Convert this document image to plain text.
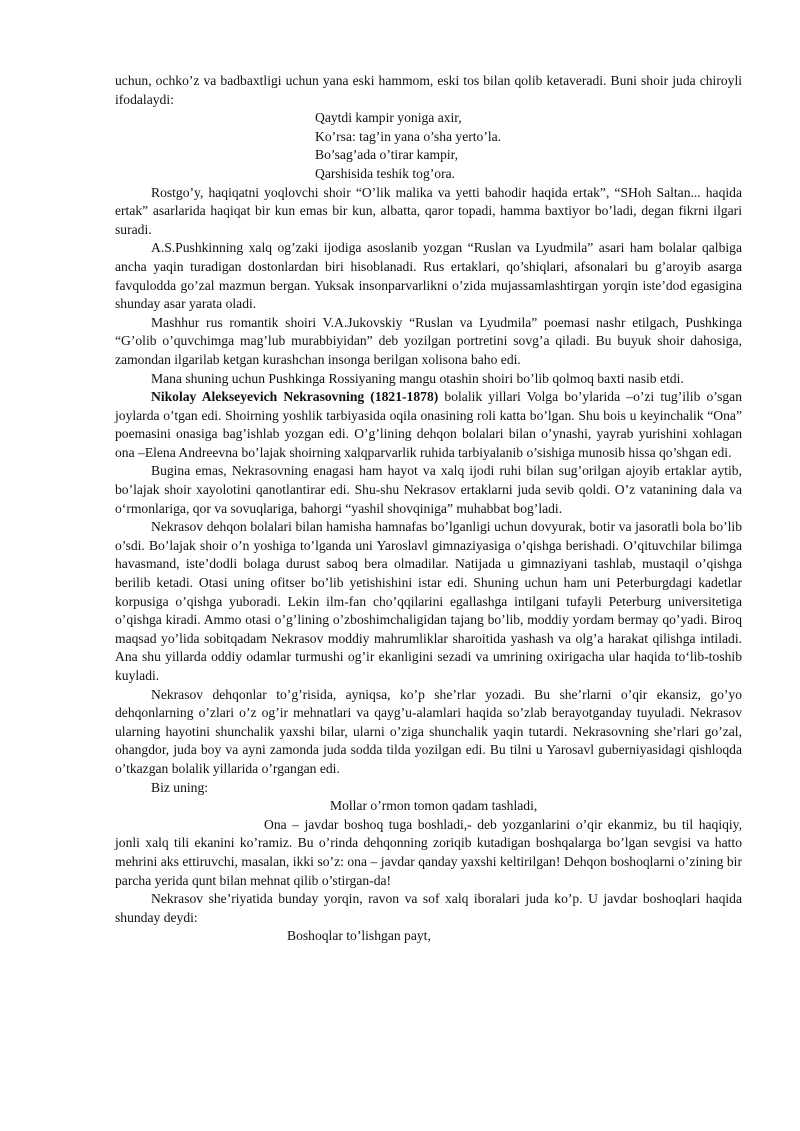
uchun, ochko’z va badbaxtligi uchun yana eski hammom, eski tos bilan qolib ketaveradi. Buni shoir juda chiroyli ifodalaydi:

Qaytdi kampir yoniga axir,
Ko’rsa: tag’in yana o’sha yerto’la.
Bo’sag’ada o’tirar kampir,
Qarshisida teshik tog’ora.

Rostgo’y, haqiqatni yoqlovchi shoir “O’lik malika va yetti bahodir haqida ertak”, “SHoh Saltan... haqida ertak” asarlarida haqiqat bir kun emas bir kun, albatta, qaror topadi, hamma baxtiyor bo’ladi, degan fikrni ilgari suradi.

A.S.Pushkinning xalq og’zaki ijodiga asoslanib yozgan “Ruslan va Lyudmila” asari ham bolalar qalbiga ancha yaqin turadigan dostonlardan biri hisoblanadi. Rus ertaklari, qo’shiqlari, afsonalari bu g’aroyib asarga favqulodda go’zal mazmun bergan. Yuksak insonparvarlikni o’zida mujassamlashtirgan yorqin iste’dod egasigina shunday asar yarata oladi.

Mashhur rus romantik shoiri V.A.Jukovskiy “Ruslan va Lyudmila” poemasi nashr etilgach, Pushkinga “G’olib o’quvchimga mag’lub murabbiyidan” deb yozilgan portretini sovg’a qiladi. Bu buyuk shoir dahosiga, zamondan ilgarilab ketgan kurashchan insonga berilgan xolisona baho edi.

Mana shuning uchun Pushkinga Rossiyaning mangu otashin shoiri bo’lib qolmoq baxti nasib etdi.

Nikolay Alekseyevich Nekrasovning (1821-1878) bolalik yillari Volga bo’ylarida –o’zi tug’ilib o’sgan joylarda o’tgan edi. Shoirning yoshlik tarbiyasida oqila onasining roli katta bo’lgan. Shu bois u keyinchalik “Ona” poemasini onasiga bag’ishlab yozgan edi. O’g’lining dehqon bolalari bilan o’ynashi, yayrab yurishini xohlagan ona –Elena Andreevna bo’lajak shoirning xalqparvarlik ruhida tarbiyalanib o’sishiga munosib hissa qo’shgan edi.

Bugina emas, Nekrasovning enagasi ham hayot va xalq ijodi ruhi bilan sug’orilgan ajoyib ertaklar aytib, bo’lajak shoir xayolotini qanotlantirar edi. Shu-shu Nekrasov ertaklarni juda sevib qoldi. O’z vatanining dala va oʻrmonlariga, qor va sovuqlariga, bahorgi “yashil shovqiniga” muhabbat bog’ladi.

Nekrasov dehqon bolalari bilan hamisha hamnafas bo’lganligi uchun dovyurak, botir va jasoratli bola bo’lib o’sdi. Bo’lajak shoir o’n yoshiga to’lganda uni Yaroslavl gimnaziyasiga o’qishga berishadi. O’qituvchilar bilimga havasmand, iste’dodli bolaga durust saboq bera olmadilar. Natijada u gimnaziyani tashlab, mustaqil o’qishga berilib ketadi. Otasi uning ofitser bo’lib yetishishini istar edi. Shuning uchun ham uni Peterburgdagi kadetlar korpusiga o’qishga yuboradi. Lekin ilm-fan cho’qqilarini egallashga intilgani tufayli Peterburg universitetiga o’qishga kiradi. Ammo otasi o’g’lining o’zboshimchaligidan tajang bo’lib, moddiy yordam bermay qo’yadi. Biroq maqsad yo’lida sobitqadam Nekrasov moddiy mahrumliklar sharoitida yashash va olg’a harakat qilishga intiladi. Ana shu yillarda oddiy odamlar turmushi og’ir ekanligini sezadi va umrining oxirigacha ular haqida toʻlib-toshib kuyladi.

Nekrasov dehqonlar to’g’risida, ayniqsa, ko’p she’rlar yozadi. Bu she’rlarni o’qir ekansiz, go’yo dehqonlarning o’zlari o’z og’ir mehnatlari va qayg’u-alamlari haqida so’zlab berayotganday tuyuladi. Nekrasov ularning hayotini shunchalik yaxshi bilar, ularni o’ziga shunchalik yaqin tutardi. Nekrasovning she’rlari go’zal, ohangdor, juda boy va ayni zamonda juda sodda tilda yozilgan edi. Bu tilni u Yarosavl guberniyasidagi qishloqda o’tkazgan bolalik yillarida o’rgangan edi.

Biz uning:

Mollar o’rmon tomon qadam tashladi,

Ona – javdar boshoq tuga boshladi,- deb yozganlarini o’qir ekanmiz, bu til haqiqiy, jonli xalq tili ekanini ko’ramiz. Bu o’rinda dehqonning zoriqib kutadigan boshqalarga bo’lgan sevgisi va hatto mehrini aks ettiruvchi, masalan, ikki so’z: ona – javdar qanday yaxshi keltirilgan! Dehqon boshoqlarni o’zining bir parcha yerida qunt bilan mehnat qilib o’stirgan-da!

Nekrasov she’riyatida bunday yorqin, ravon va sof xalq iboralari juda ko’p. U javdar boshoqlari haqida shunday deydi:

Boshoqlar to’lishgan payt,
